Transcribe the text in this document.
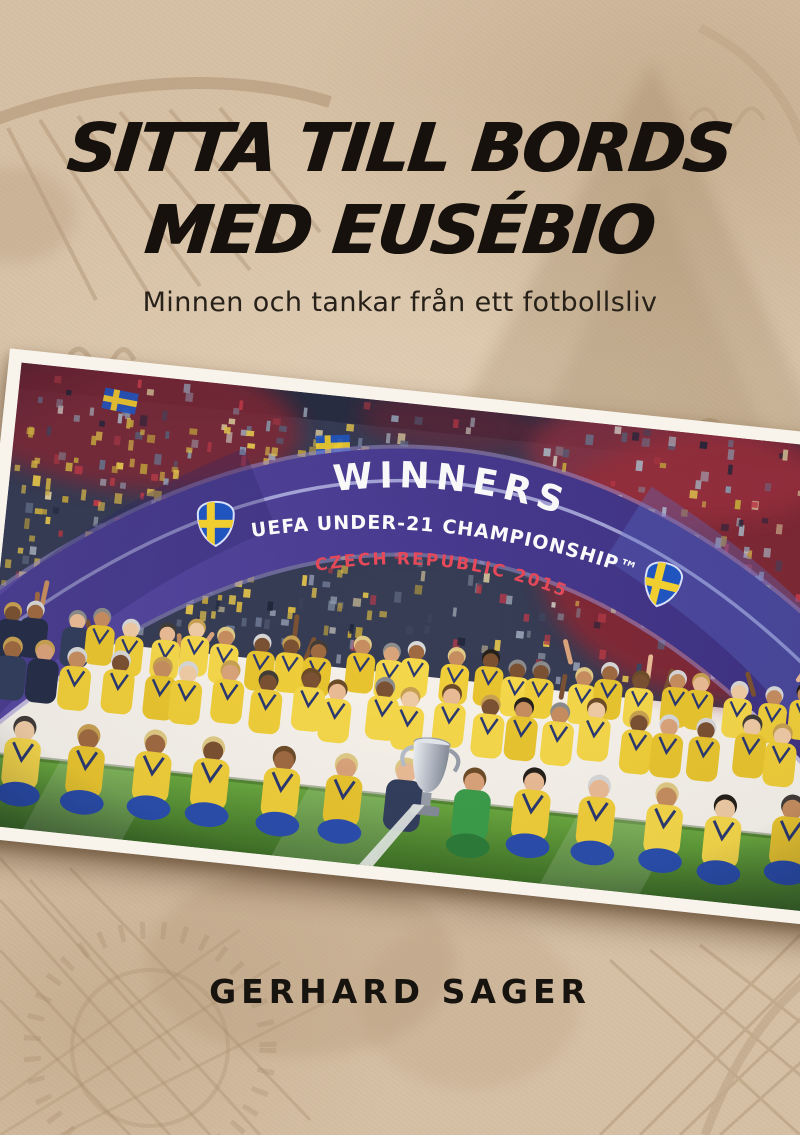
SITTA TILL BORDS
MED EUSÉBIO
Minnen och tankar från ett fotbollsliv
GERHARD SAGER
